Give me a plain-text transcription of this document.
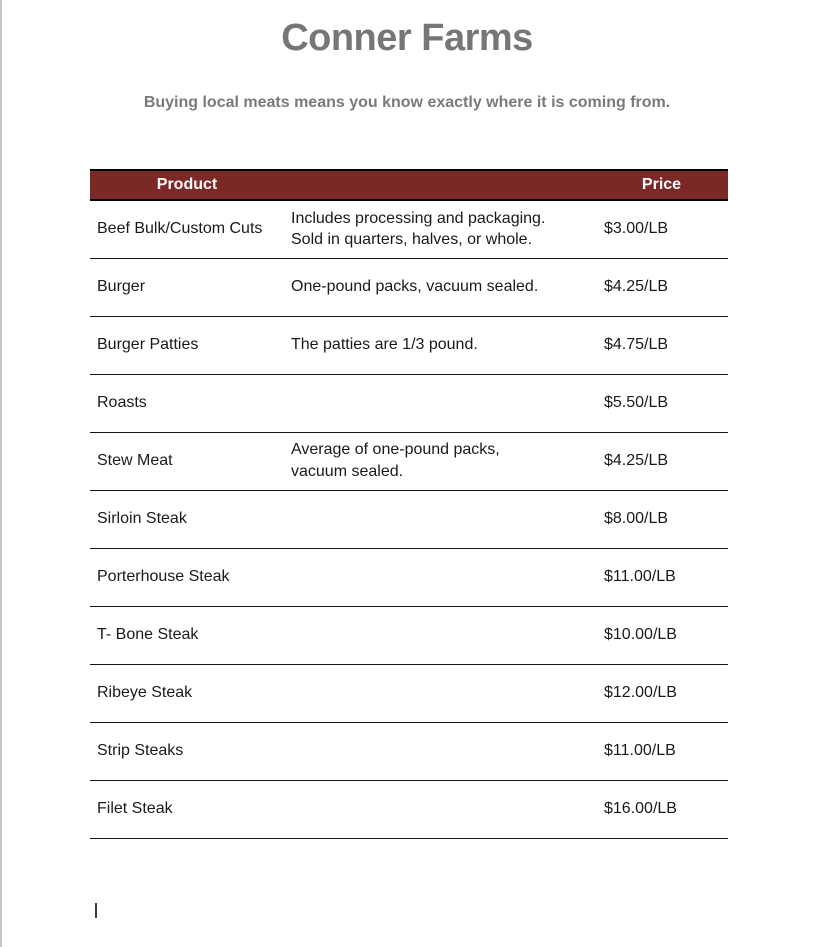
Conner Farms

Buying local meats means you know exactly where it is coming from.

Product		Price
Beef Bulk/Custom Cuts	Includes processing and packaging. Sold in quarters, halves, or whole.	$3.00/LB
Burger	One-pound packs, vacuum sealed.	$4.25/LB
Burger Patties	The patties are 1/3 pound.	$4.75/LB
Roasts		$5.50/LB
Stew Meat	Average of one-pound packs, vacuum sealed.	$4.25/LB
Sirloin Steak		$8.00/LB
Porterhouse Steak		$11.00/LB
T- Bone Steak		$10.00/LB
Ribeye Steak		$12.00/LB
Strip Steaks		$11.00/LB
Filet Steak		$16.00/LB
